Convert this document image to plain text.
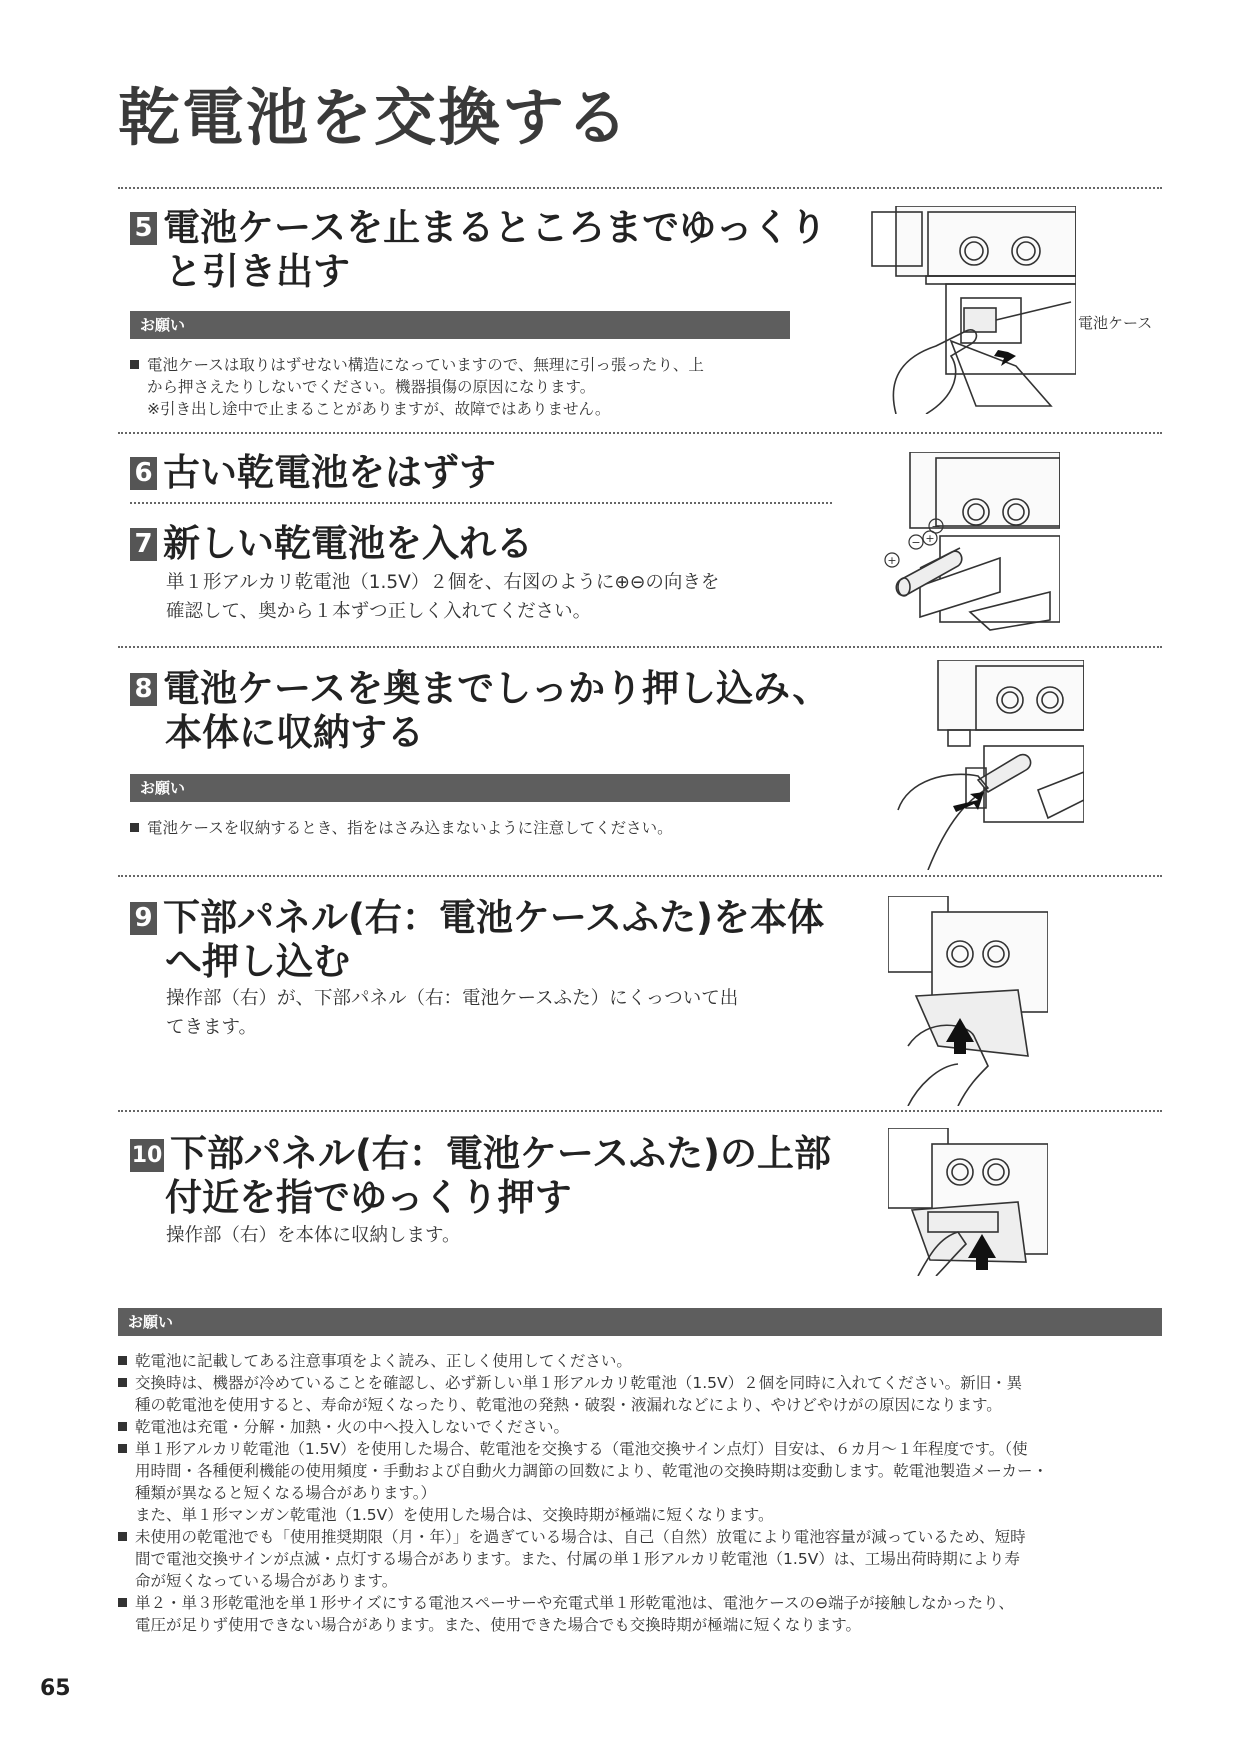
乾電池を交換する
5 電池ケースを止まるところまでゆっくり
と引き出す
お願い
電池ケースは取りはずせない構造になっていますので、無理に引っ張ったり、上
から押さえたりしないでください。機器損傷の原因になります。
※引き出し途中で止まることがありますが、故障ではありません。
電池ケース
6 古い乾電池をはずす
7 新しい乾電池を入れる

単１形アルカリ乾電池（1.5V）２個を、右図のように⊕⊖の向きを
確認して、奥から１本ずつ正しく入れてください。

+
−
− +
8 電池ケースを奥までしっかり押し込み、
本体に収納する
お願い
電池ケースを収納するとき、指をはさみ込まないように注意してください。
9 下部パネル(右：電池ケースふた)を本体
へ押し込む

操作部（右）が、下部パネル（右：電池ケースふた）にくっついて出
てきます。

10 下部パネル(右：電池ケースふた)の上部
付近を指でゆっくり押す

操作部（右）を本体に収納します。

お願い
乾電池に記載してある注意事項をよく読み、正しく使用してください。
交換時は、機器が冷めていることを確認し、必ず新しい単１形アルカリ乾電池（1.5V）２個を同時に入れてください。新旧・異
種の乾電池を使用すると、寿命が短くなったり、乾電池の発熱・破裂・液漏れなどにより、やけどやけがの原因になります。
乾電池は充電・分解・加熱・火の中へ投入しないでください。
単１形アルカリ乾電池（1.5V）を使用した場合、乾電池を交換する（電池交換サイン点灯）目安は、６カ月～１年程度です。（使
用時間・各種便利機能の使用頻度・手動および自動火力調節の回数により、乾電池の交換時期は変動します。乾電池製造メーカー・
種類が異なると短くなる場合があります。）
また、単１形マンガン乾電池（1.5V）を使用した場合は、交換時期が極端に短くなります。
未使用の乾電池でも「使用推奨期限（月・年）」を過ぎている場合は、自己（自然）放電により電池容量が減っているため、短時
間で電池交換サインが点滅・点灯する場合があります。また、付属の単１形アルカリ乾電池（1.5V）は、工場出荷時期により寿
命が短くなっている場合があります。
単２・単３形乾電池を単１形サイズにする電池スペーサーや充電式単１形乾電池は、電池ケースの⊖端子が接触しなかったり、
電圧が足りず使用できない場合があります。また、使用できた場合でも交換時期が極端に短くなります。
65
